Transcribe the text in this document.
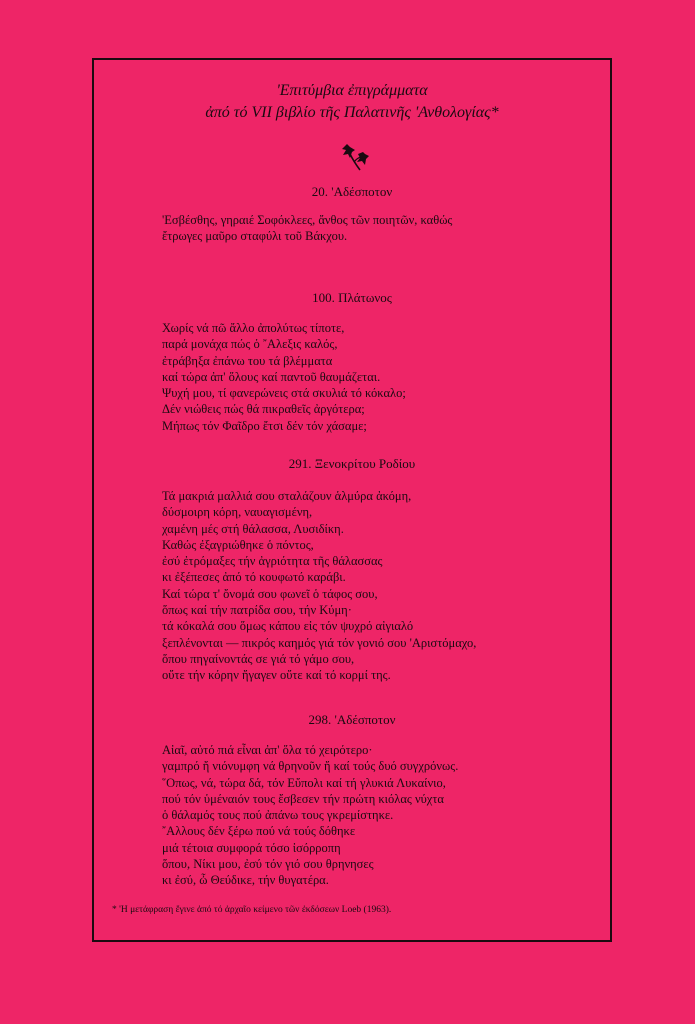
'Επιτύμβια ἐπιγράμματα
ἀπό τό VII βιβλίο τῆς Παλατινῆς 'Ανθολογίας*
20. 'Αδέσποτον
'Εσβέσθης, γηραιέ Σοφόκλεες, ἄνθος τῶν ποιητῶν, καθώς
ἔτρωγες μαῦρο σταφύλι τοῦ Βάκχου.
100. Πλάτωνος
Χωρίς νά πῶ ἄλλο ἀπολύτως τίποτε,
παρά μονάχα πώς ὁ ῎Αλεξις καλός,
ἐτράβηξα ἐπάνω του τά βλέμματα
καί τώρα ἀπ' ὅλους καί παντοῦ θαυμάζεται.
Ψυχή μου, τί φανερώνεις στά σκυλιά τό κόκαλο;
Δέν νιώθεις πώς θά πικραθεῖς ἀργότερα;
Μήπως τόν Φαῖδρο ἔτσι δέν τόν χάσαμε;
291. Ξενοκρίτου Ροδίου
Τά μακριά μαλλιά σου σταλάζουν ἁλμύρα ἀκόμη,
δύσμοιρη κόρη, ναυαγισμένη,
χαμένη μές στή θάλασσα, Λυσιδίκη.
Καθώς ἐξαγριώθηκε ὁ πόντος,
ἐσύ ἐτρόμαξες τήν ἀγριότητα τῆς θάλασσας
κι ἐξέπεσες ἀπό τό κουφωτό καράβι.
Καί τώρα τ' ὄνομά σου φωνεῖ ὁ τάφος σου,
ὅπως καί τήν πατρίδα σου, τήν Κύμη·
τά κόκαλά σου ὅμως κάπου εἰς τόν ψυχρό αἰγιαλό
ξεπλένονται — πικρός καημός γιά τόν γονιό σου 'Αριστόμαχο,
ὅπου πηγαίνοντάς σε γιά τό γάμο σου,
οὔτε τήν κόρην ἤγαγεν οὔτε καί τό κορμί της.
298. 'Αδέσποτον
Αἰαῖ, αὐτό πιά εἶναι ἀπ' ὅλα τό χειρότερο·
γαμπρό ἤ νιόνυμφη νά θρηνοῦν ἤ καί τούς δυό συγχρόνως.
῞Οπως, νά, τώρα δά, τόν Εὔπολι καί τή γλυκιά Λυκαίνιο,
πού τόν ὑμέναιόν τους ἔσβεσεν τήν πρώτη κιόλας νύχτα
ὁ θάλαμός τους πού ἀπάνω τους γκρεμίστηκε.
῎Αλλους δέν ξέρω πού νά τούς δόθηκε
μιά τέτοια συμφορά τόσο ἰσόρροπη
ὅπου, Νίκι μου, ἐσύ τόν γιό σου θρηνησες
κι ἐσύ, ὦ Θεύδικε, τήν θυγατέρα.
* 'Η μετάφραση ἔγινε ἀπό τό ἀρχαῖο κείμενο τῶν ἐκδόσεων Loeb (1963).
